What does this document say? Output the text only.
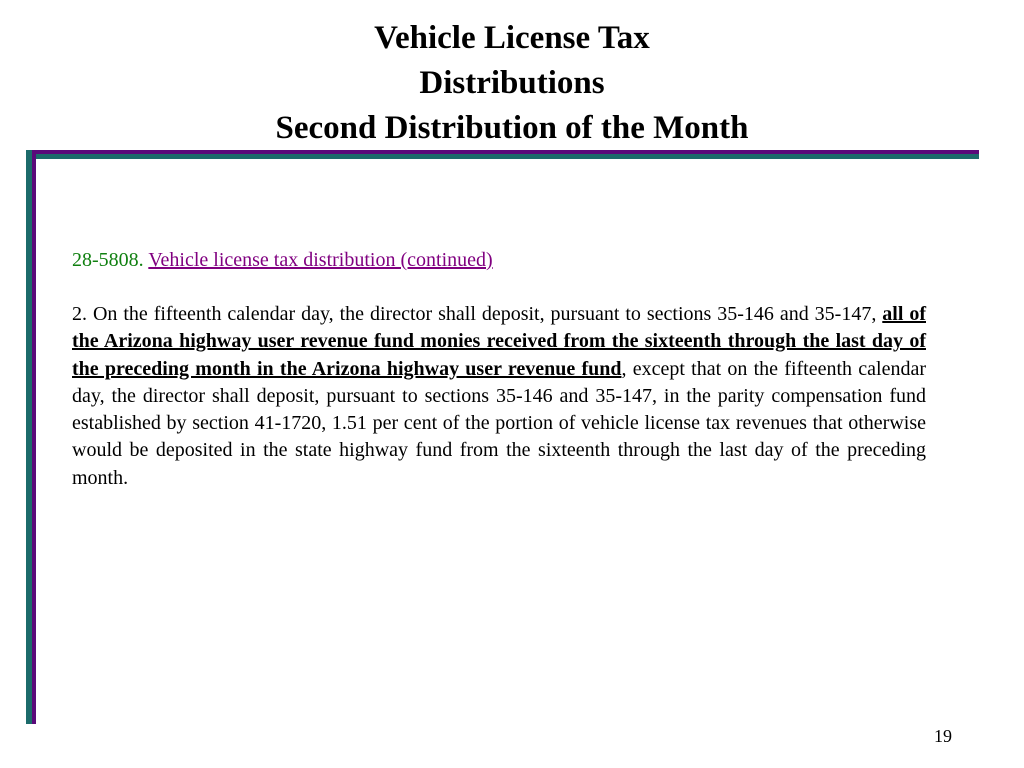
Vehicle License Tax
Distributions
Second Distribution of the Month
28-5808. Vehicle license tax distribution (continued)

2. On the fifteenth calendar day, the director shall deposit, pursuant to sections 35-146 and 35-147, all of the Arizona highway user revenue fund monies received from the sixteenth through the last day of the preceding month in the Arizona highway user revenue fund, except that on the fifteenth calendar day, the director shall deposit, pursuant to sections 35-146 and 35-147, in the parity compensation fund established by section 41-1720, 1.51 per cent of the portion of vehicle license tax revenues that otherwise would be deposited in the state highway fund from the sixteenth through the last day of the preceding month.

19
